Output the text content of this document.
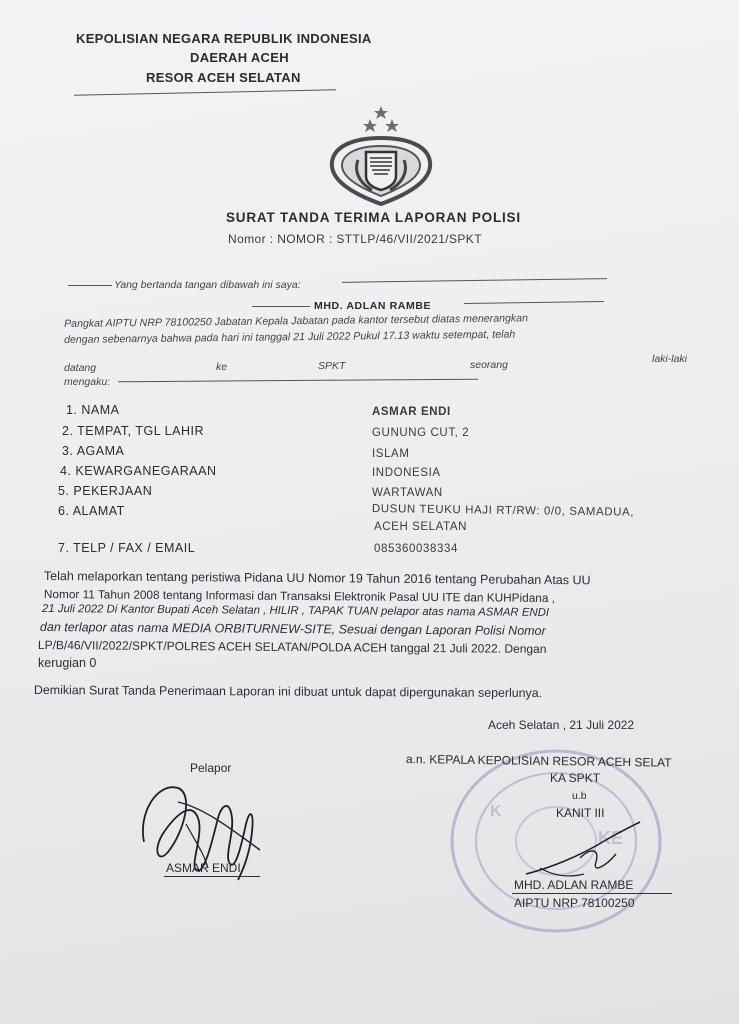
KEPOLISIAN NEGARA REPUBLIK INDONESIA
DAERAH ACEH
RESOR ACEH SELATAN
SURAT TANDA TERIMA LAPORAN POLISI
Nomor : NOMOR : STTLP/46/VII/2021/SPKT
Yang bertanda tangan dibawah ini saya:
MHD. ADLAN RAMBE
Pangkat AIPTU NRP 78100250 Jabatan Kepala Jabatan pada kantor tersebut diatas menerangkan
dengan sebenarnya bahwa pada hari ini tanggal 21 Juli 2022 Pukul 17.13 waktu setempat, telah
datang	ke	SPKT	seorang	laki-laki
mengaku:
1. NAMA	ASMAR ENDI
2. TEMPAT, TGL LAHIR	GUNUNG CUT, 2
3. AGAMA	ISLAM
4. KEWARGANEGARAAN	INDONESIA
5. PEKERJAAN	WARTAWAN
6. ALAMAT	DUSUN TEUKU HAJI RT/RW: 0/0, SAMADUA,
ACEH SELATAN
7. TELP / FAX / EMAIL	085360038334
Telah melaporkan tentang peristiwa Pidana UU Nomor 19 Tahun 2016 tentang Perubahan Atas UU
Nomor 11 Tahun 2008 tentang Informasi dan Transaksi Elektronik Pasal UU ITE dan KUHPidana ,
21 Juli 2022 Di Kantor Bupati Aceh Selatan , HILIR , TAPAK TUAN pelapor atas nama ASMAR ENDI
dan terlapor atas nama MEDIA ORBITURNEW-SITE, Sesuai dengan Laporan Polisi Nomor
LP/B/46/VII/2022/SPKT/POLRES ACEH SELATAN/POLDA ACEH tanggal 21 Juli 2022. Dengan
kerugian 0
Demikian Surat Tanda Penerimaan Laporan ini dibuat untuk dapat dipergunakan seperlunya.
Aceh Selatan , 21 Juli 2022
K
KE
Pelapor
ASMAR ENDI
a.n. KEPALA KEPOLISIAN RESOR ACEH SELAT
KA SPKT
u.b
KANIT III
MHD. ADLAN RAMBE
AIPTU NRP 78100250
